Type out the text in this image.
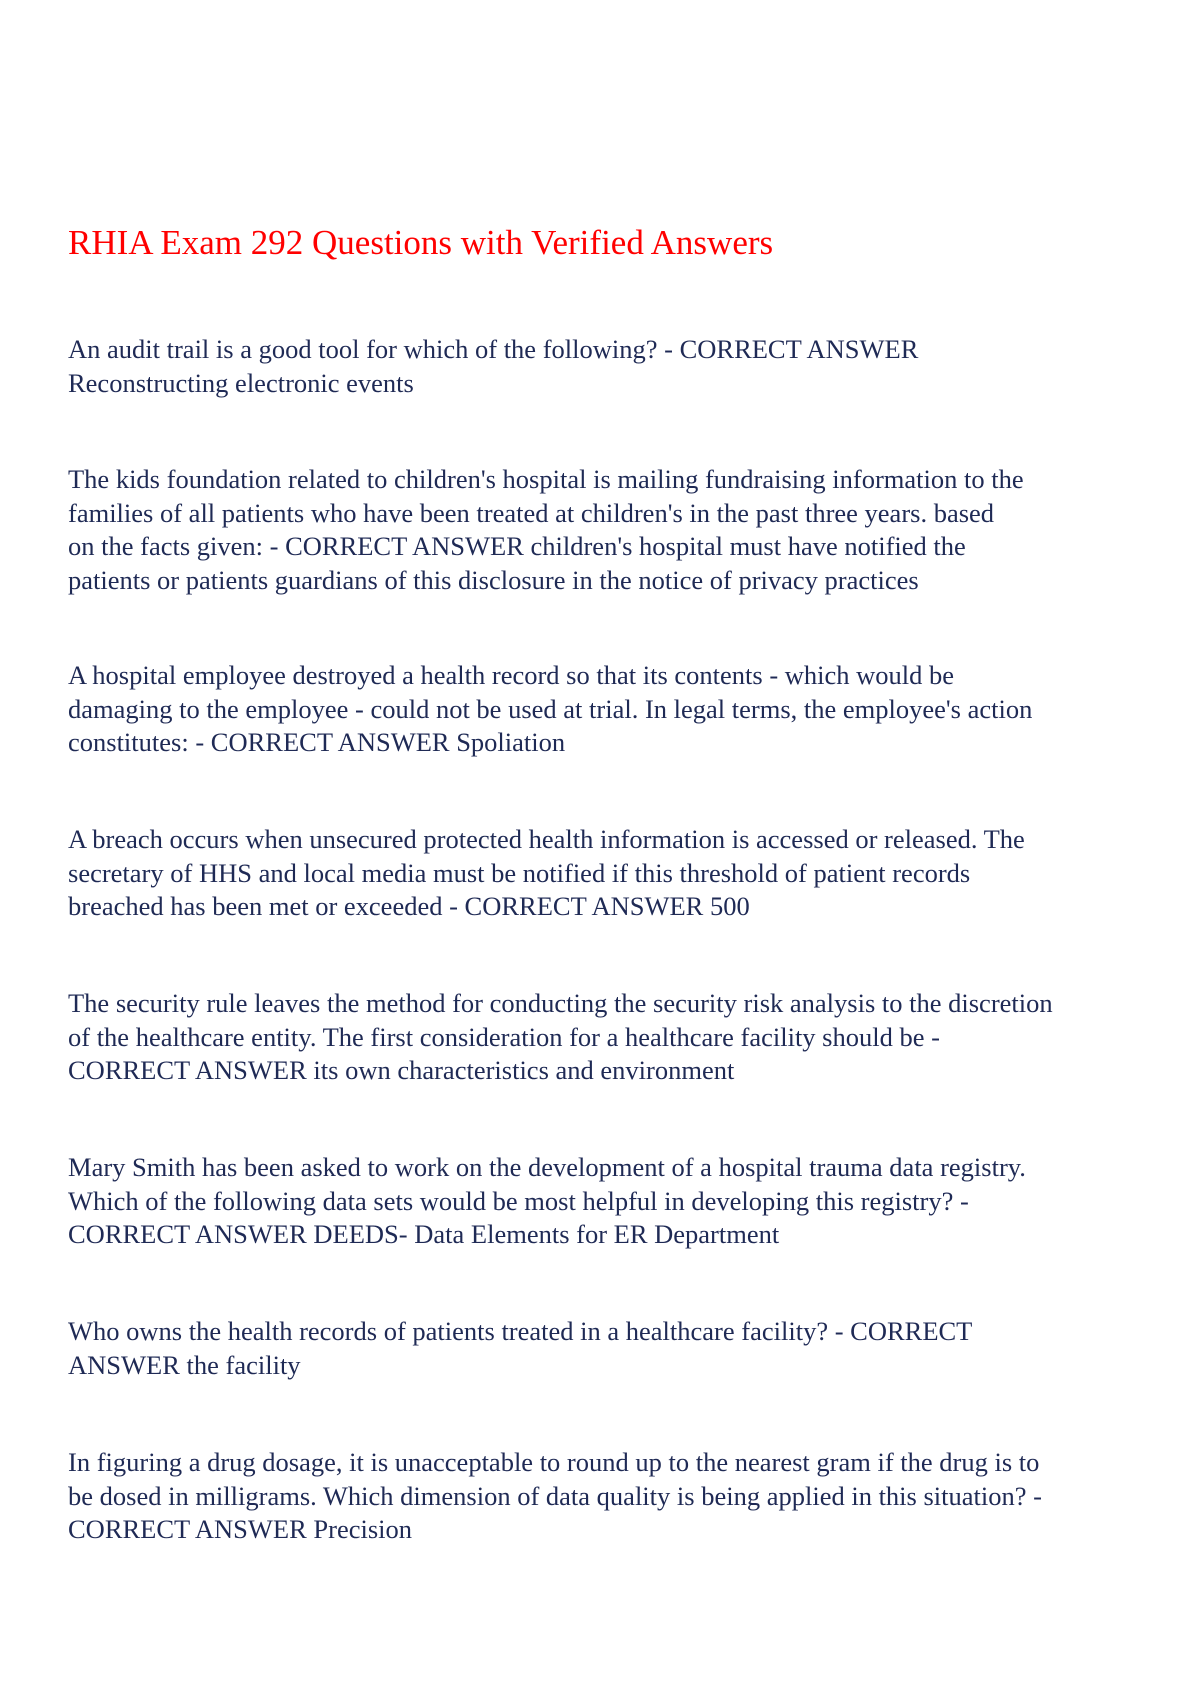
RHIA Exam 292 Questions with Verified Answers

An audit trail is a good tool for which of the following? - CORRECT ANSWER
Reconstructing electronic events

The kids foundation related to children's hospital is mailing fundraising information to the
families of all patients who have been treated at children's in the past three years. based
on the facts given: - CORRECT ANSWER children's hospital must have notified the
patients or patients guardians of this disclosure in the notice of privacy practices

A hospital employee destroyed a health record so that its contents - which would be
damaging to the employee - could not be used at trial. In legal terms, the employee's action
constitutes: - CORRECT ANSWER Spoliation

A breach occurs when unsecured protected health information is accessed or released. The
secretary of HHS and local media must be notified if this threshold of patient records
breached has been met or exceeded - CORRECT ANSWER 500

The security rule leaves the method for conducting the security risk analysis to the discretion
of the healthcare entity. The first consideration for a healthcare facility should be -
CORRECT ANSWER its own characteristics and environment

Mary Smith has been asked to work on the development of a hospital trauma data registry.
Which of the following data sets would be most helpful in developing this registry? -
CORRECT ANSWER DEEDS- Data Elements for ER Department

Who owns the health records of patients treated in a healthcare facility? - CORRECT
ANSWER the facility

In figuring a drug dosage, it is unacceptable to round up to the nearest gram if the drug is to
be dosed in milligrams. Which dimension of data quality is being applied in this situation? -
CORRECT ANSWER Precision
